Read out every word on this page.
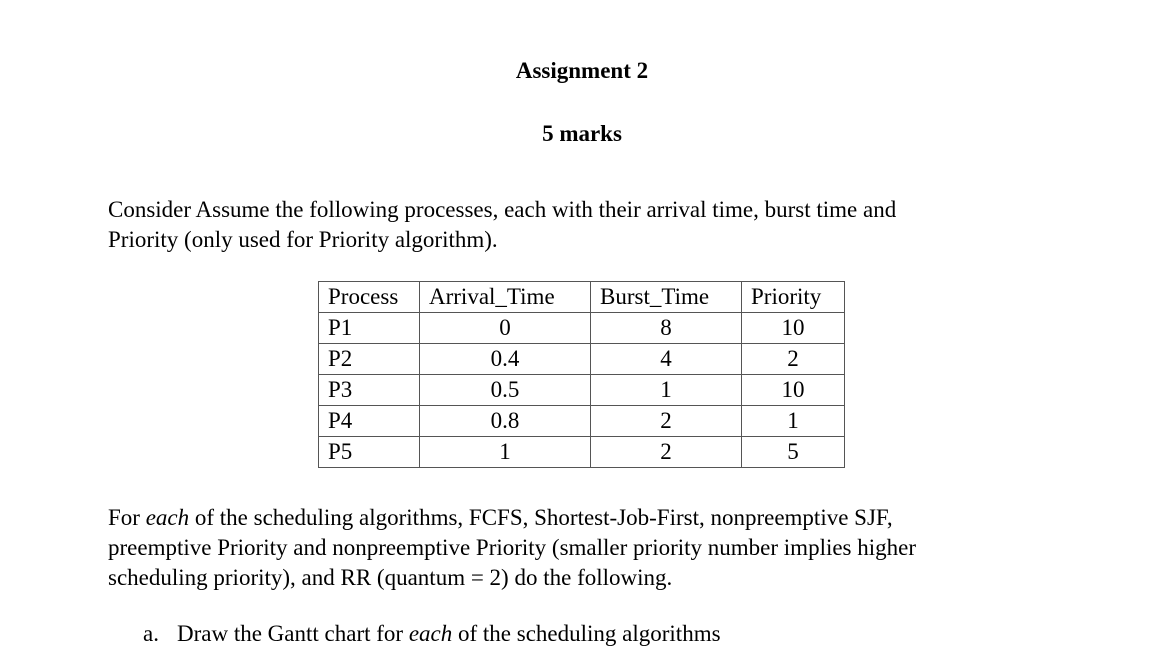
Assignment 2
5 marks
Consider Assume the following processes, each with their arrival time, burst time and
Priority (only used for Priority algorithm).
Process	Arrival_Time	Burst_Time	Priority
P1	0	8	10
P2	0.4	4	2
P3	0.5	1	10
P4	0.8	2	1
P5	1	2	5
For each of the scheduling algorithms, FCFS, Shortest-Job-First, nonpreemptive SJF,
preemptive Priority and nonpreemptive Priority (smaller priority number implies higher
scheduling priority), and RR (quantum = 2) do the following.
a. Draw the Gantt chart for each of the scheduling algorithms
